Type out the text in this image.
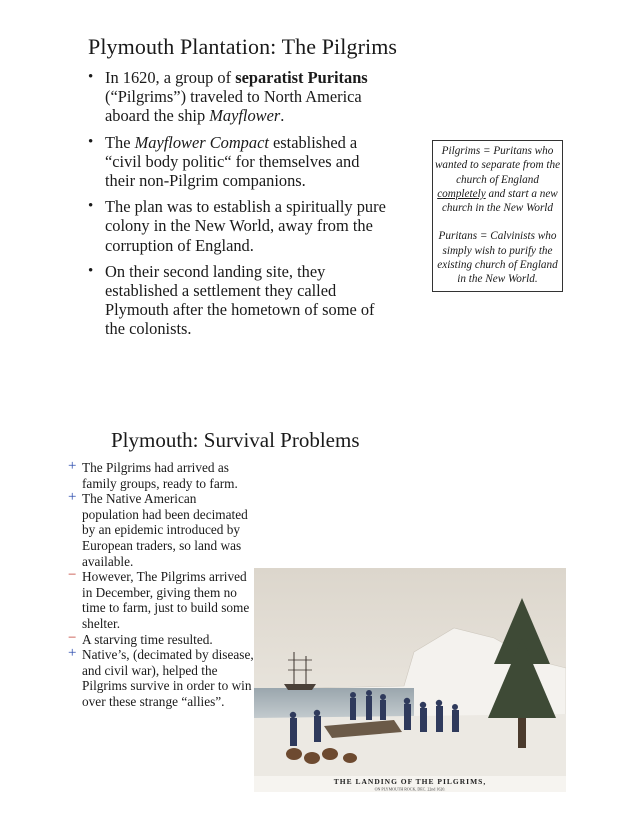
Plymouth Plantation: The Pilgrims
• In 1620, a group of separatist Puritans (“Pilgrims”) traveled to North America aboard the ship Mayflower.
• The Mayflower Compact established a “civil body politic“ for themselves and their non-Pilgrim companions.
• The plan was to establish a spiritually pure colony in the New World, away from the corruption of England.
• On their second landing site, they established a settlement they called Plymouth after the hometown of some of the colonists.

Pilgrims = Puritans who wanted to separate from the church of England completely and start a new church in the New World

Puritans = Calvinists who simply wish to purify the existing church of England in the New World.

Plymouth: Survival Problems
+ The Pilgrims had arrived as family groups, ready to farm.
+ The Native American population had been decimated by an epidemic introduced by European traders, so land was available.
− However, The Pilgrims arrived in December, giving them no time to farm, just to build some shelter.
− A starving time resulted.
+ Native’s, (decimated by disease, and civil war), helped the Pilgrims survive in order to win over these strange “allies”.
THE LANDING OF THE PILGRIMS,
ON PLYMOUTH ROCK, DEC. 22nd 1620.
